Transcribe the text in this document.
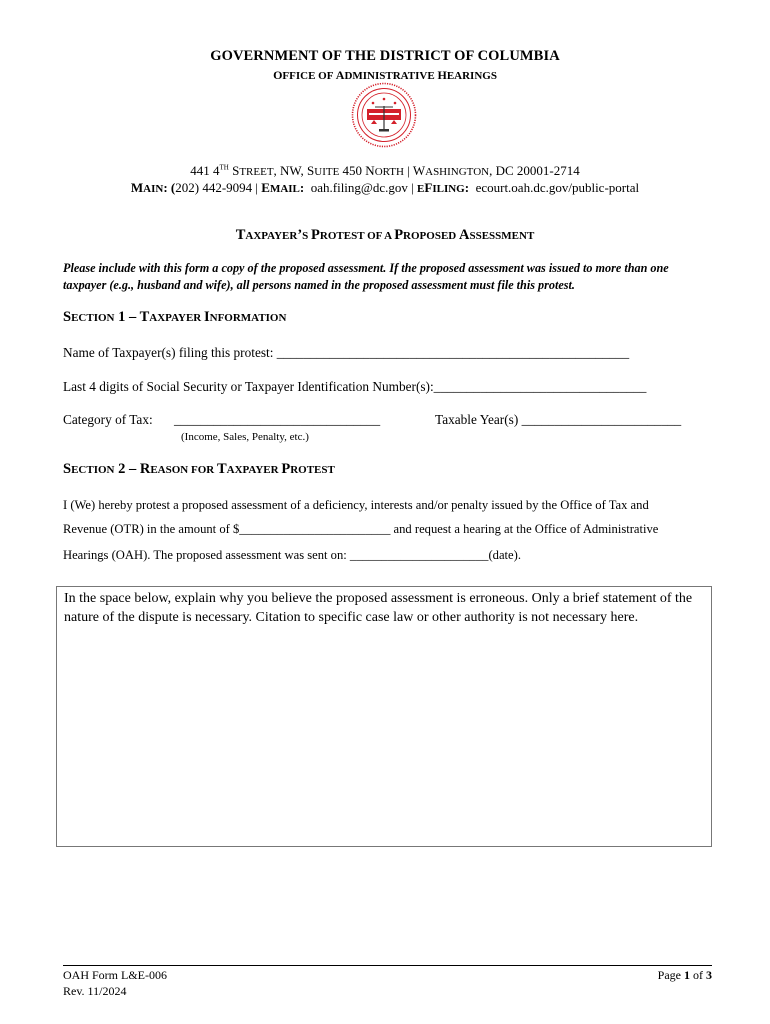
GOVERNMENT OF THE DISTRICT OF COLUMBIA
OFFICE OF ADMINISTRATIVE HEARINGS
441 4TH STREET, NW, SUITE 450 NORTH | WASHINGTON, DC 20001-2714
MAIN: (202) 442-9094 | EMAIL: oah.filing@dc.gov | EFILING: ecourt.oah.dc.gov/public-portal
TAXPAYER’S PROTEST OF A PROPOSED ASSESSMENT
Please include with this form a copy of the proposed assessment. If the proposed assessment was issued to more than one taxpayer (e.g., husband and wife), all persons named in the proposed assessment must file this protest.
SECTION 1 – TAXPAYER INFORMATION
Name of Taxpayer(s) filing this protest: _____________________________________________________
Last 4 digits of Social Security or Taxpayer Identification Number(s):________________________________
Category of Tax: _______________________________
(Income, Sales, Penalty, etc.)
Taxable Year(s) ________________________
SECTION 2 – REASON FOR TAXPAYER PROTEST
I (We) hereby protest a proposed assessment of a deficiency, interests and/or penalty issued by the Office of Tax and
Revenue (OTR) in the amount of $________________________ and request a hearing at the Office of Administrative
Hearings (OAH). The proposed assessment was sent on: ______________________(date).
In the space below, explain why you believe the proposed assessment is erroneous. Only a brief statement of the nature of the dispute is necessary. Citation to specific case law or other authority is not necessary here.
OAH Form L&E-006
Rev. 11/2024
Page 1 of 3
